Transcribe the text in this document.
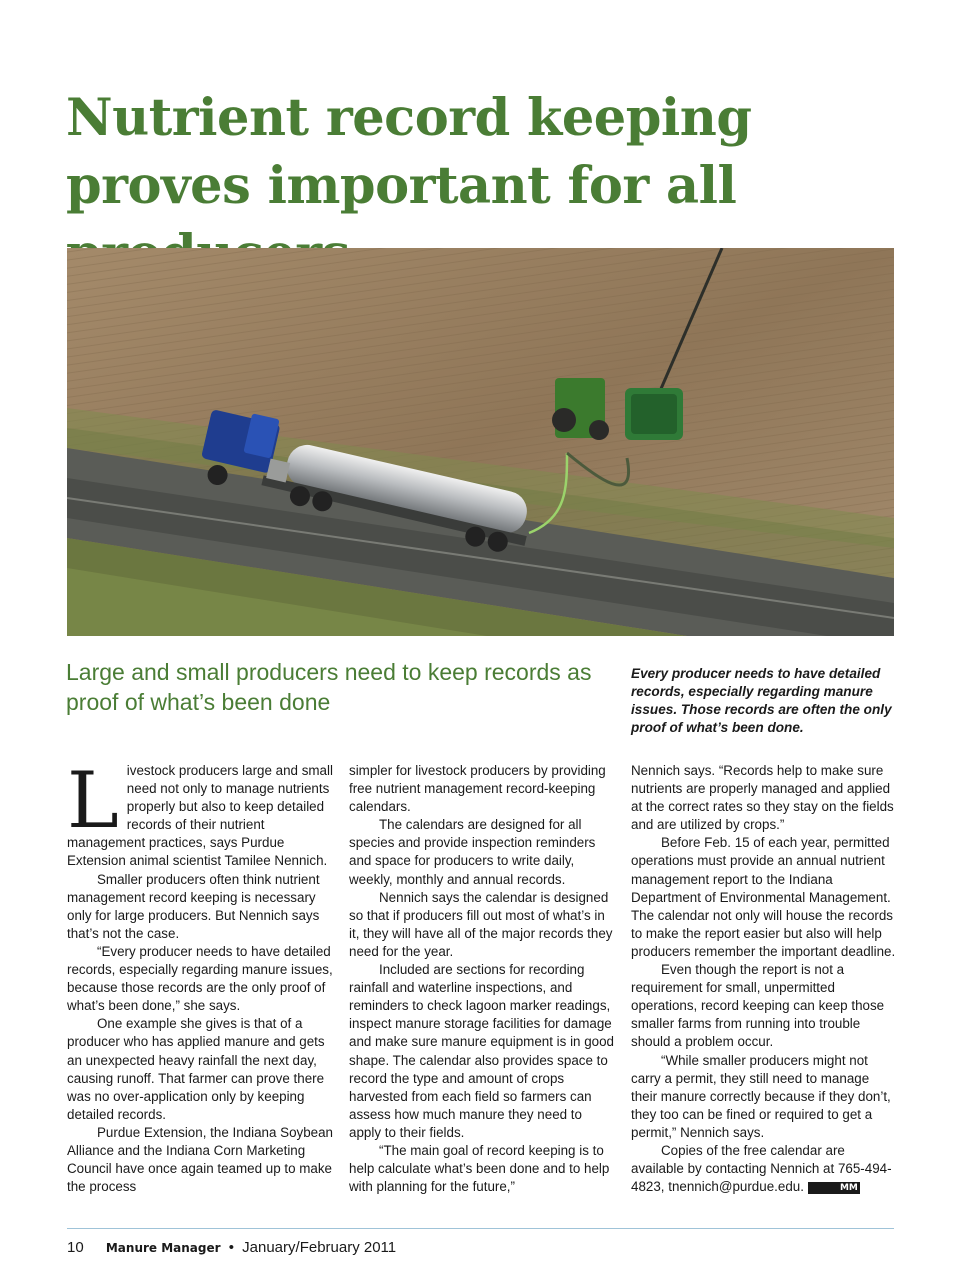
Nutrient record keeping proves important for all
Large and small producers need to keep records as proof of what’s been done

Every producer needs to have detailed records, especially regarding manure issues. Those records are often the only proof of what’s been done.

Livestock producers large and small need not only to manage nutrients properly but also to keep detailed records of their nutrient management practices, says Purdue Extension animal scientist Tamilee Nennich.

Smaller producers often think nutrient management record keeping is necessary only for large producers. But Nennich says that’s not the case.

“Every producer needs to have detailed records, especially regarding manure issues, because those records are the only proof of what’s been done,” she says.

One example she gives is that of a producer who has applied manure and gets an unexpected heavy rainfall the next day, causing runoff. That farmer can prove there was no over-application only by keeping detailed records.

Purdue Extension, the Indiana Soybean Alliance and the Indiana Corn Marketing Council have once again teamed up to make the process

simpler for livestock producers by providing free nutrient management record-keeping calendars.

The calendars are designed for all species and provide inspection reminders and space for producers to write daily, weekly, monthly and annual records.

Nennich says the calendar is designed so that if producers fill out most of what’s in it, they will have all of the major records they need for the year.

Included are sections for recording rainfall and waterline inspections, and reminders to check lagoon marker readings, inspect manure storage facilities for damage and make sure manure equipment is in good shape. The calendar also provides space to record the type and amount of crops harvested from each field so farmers can assess how much manure they need to apply to their fields.

“The main goal of record keeping is to help calculate what’s been done and to help with planning for the future,”

Nennich says. “Records help to make sure nutrients are properly managed and applied at the correct rates so they stay on the fields and are utilized by crops.”

Before Feb. 15 of each year, permitted operations must provide an annual nutrient management report to the Indiana Department of Environmental Management. The calendar not only will house the records to make the report easier but also will help producers remember the important deadline.

Even though the report is not a requirement for small, unpermitted operations, record keeping can keep those smaller farms from running into trouble should a problem occur.

“While smaller producers might not carry a permit, they still need to manage their manure correctly because if they don’t, they too can be fined or required to get a permit,” Nennich says.

Copies of the free calendar are available by contacting Nennich at 765-494-4823, tnennich@purdue.edu.	MM

10 Manure Manager • January/February 2011
